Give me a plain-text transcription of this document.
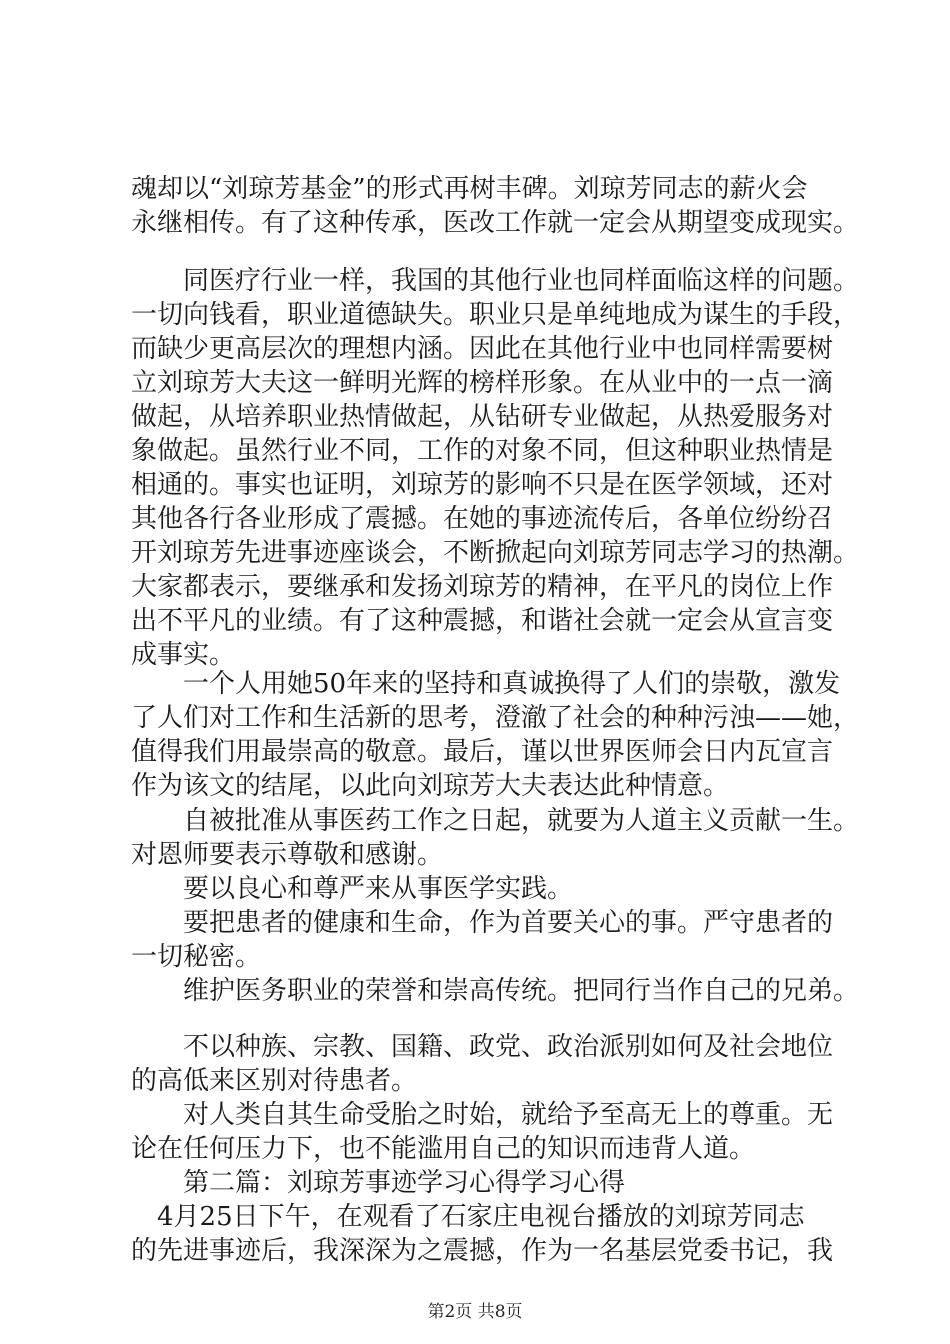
魂却以“刘琼芳基金”的形式再树丰碑。刘琼芳同志的薪火会
永继相传。有了这种传承，医改工作就一定会从期望变成现实。
　　同医疗行业一样，我国的其他行业也同样面临这样的问题。
一切向钱看，职业道德缺失。职业只是单纯地成为谋生的手段，
而缺少更高层次的理想内涵。因此在其他行业中也同样需要树
立刘琼芳大夫这一鲜明光辉的榜样形象。在从业中的一点一滴
做起，从培养职业热情做起，从钻研专业做起，从热爱服务对
象做起。虽然行业不同，工作的对象不同，但这种职业热情是
相通的。事实也证明，刘琼芳的影响不只是在医学领域，还对
其他各行各业形成了震撼。在她的事迹流传后，各单位纷纷召
开刘琼芳先进事迹座谈会，不断掀起向刘琼芳同志学习的热潮。
大家都表示，要继承和发扬刘琼芳的精神，在平凡的岗位上作
出不平凡的业绩。有了这种震撼，和谐社会就一定会从宣言变
成事实。
　　一个人用她50年来的坚持和真诚换得了人们的崇敬，激发
了人们对工作和生活新的思考，澄澈了社会的种种污浊——她，
值得我们用最崇高的敬意。最后，谨以世界医师会日内瓦宣言
作为该文的结尾，以此向刘琼芳大夫表达此种情意。
　　自被批准从事医药工作之日起，就要为人道主义贡献一生。
对恩师要表示尊敬和感谢。
　　要以良心和尊严来从事医学实践。
　　要把患者的健康和生命，作为首要关心的事。严守患者的
一切秘密。
　　维护医务职业的荣誉和崇高传统。把同行当作自己的兄弟。
　　不以种族、宗教、国籍、政党、政治派别如何及社会地位
的高低来区别对待患者。
　　对人类自其生命受胎之时始，就给予至高无上的尊重。无
论在任何压力下，也不能滥用自己的知识而违背人道。
　　第二篇：刘琼芳事迹学习心得学习心得
　4月25日下午，在观看了石家庄电视台播放的刘琼芳同志
的先进事迹后，我深深为之震撼，作为一名基层党委书记，我
第2页 共8页
